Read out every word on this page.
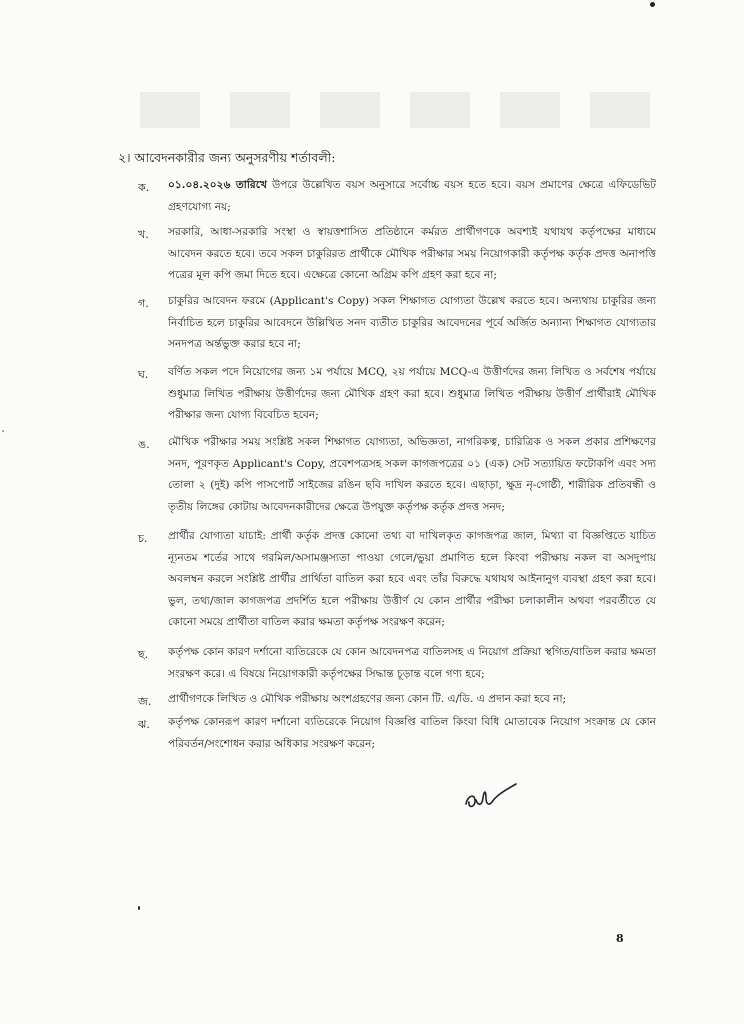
২। আবেদনকারীর জন্য অনুসরণীয় শর্তাবলী:
ক. ০১.০৪.২০২৬ তারিখে উপরে উল্লেখিত বয়স অনুসারে সর্বোচ্চ বয়স হতে হবে। বয়স প্রমাণের ক্ষেত্রে এফিডেভিট গ্রহণযোগ্য নয়;
খ. সরকারি, আধা-সরকারি সংস্থা ও স্বায়ত্তশাসিত প্রতিষ্ঠানে কর্মরত প্রার্থীগণকে অবশ্যই যথাযথ কর্তৃপক্ষের মাধ্যমে আবেদন করতে হবে। তবে সকল চাকুরিরত প্রার্থীকে মৌখিক পরীক্ষার সময় নিয়োগকারী কর্তৃপক্ষ কর্তৃক প্রদত্ত অনাপত্তি পত্রের মূল কপি জমা দিতে হবে। এক্ষেত্রে কোনো অগ্রিম কপি গ্রহণ করা হবে না;
গ. চাকুরির আবেদন ফরমে (Applicant's Copy) সকল শিক্ষাগত যোগ্যতা উল্লেখ করতে হবে। অন্যথায় চাকুরির জন্য নির্বাচিত হলে চাকুরির আবেদনে উল্লিখিত সনদ ব্যতীত চাকুরির আবেদনের পূর্বে অর্জিত অন্যান্য শিক্ষাগত যোগ্যতার সনদপত্র অর্ন্তভুক্ত করার হবে না;
ঘ. বর্ণিত সকল পদে নিয়োগের জন্য ১ম পর্যায়ে MCQ, ২য় পর্যায়ে MCQ-এ উত্তীর্ণদের জন্য লিখিত ও সর্বশেষ পর্যায়ে শুধুমাত্র লিখিত পরীক্ষায় উত্তীর্ণদের জন্য মৌখিক গ্রহণ করা হবে। শুধুমাত্র লিখিত পরীক্ষায় উত্তীর্ণ প্রার্থীরাই মৌখিক পরীক্ষার জন্য যোগ্য বিবেচিত হবেন;
ঙ. মৌখিক পরীক্ষার সময় সংশ্লিষ্ট সকল শিক্ষাগত যোগ্যতা, অভিজ্ঞতা, নাগরিকত্ব, চারিত্রিক ও সকল প্রকার প্রশিক্ষণের সনদ, পূরণকৃত Applicant's Copy, প্রবেশপত্রসহ সকল কাগজপত্রের ০১ (এক) সেট সত্যায়িত ফটোকপি এবং সদ্য তোলা ২ (দুই) কপি পাসপোর্ট সাইজের রঙিন ছবি দাখিল করতে হবে। এছাড়া, ক্ষুদ্র নৃ-গোষ্ঠী, শারীরিক প্রতিবন্ধী ও তৃতীয় লিঙ্গের কোটায় আবেদনকারীদের ক্ষেত্রে উপযুক্ত কর্তৃপক্ষ কর্তৃক প্রদত্ত সনদ;
চ. প্রার্থীর যোগ্যতা যাচাই: প্রার্থী কর্তৃক প্রদত্ত কোনো তথ্য বা দাখিলকৃত কাগজপত্র জাল, মিথ্যা বা বিজ্ঞপ্তিতে যাচিত ন্যূনতম শর্তের সাথে গরমিল/অসামঞ্জস্যতা পাওয়া গেলে/ভুয়া প্রমাণিত হলে কিংবা পরীক্ষায় নকল বা অসদুপায় অবলম্বন করলে সংশ্লিষ্ট প্রার্থীর প্রার্থিতা বাতিল করা হবে এবং তাঁর বিরুদ্ধে যথাযথ আইনানুগ ব্যবস্থা গ্রহণ করা হবে। ভুল, তথ্য/জাল কাগজপত্র প্রদর্শিত হলে পরীক্ষায় উত্তীর্ণ যে কোন প্রার্থীর পরীক্ষা চলাকালীন অথবা পরবর্তীতে যে কোনো সময়ে প্রার্থীতা বাতিল করার ক্ষমতা কর্তৃপক্ষ সংরক্ষণ করেন;
ছ. কর্তৃপক্ষ কোন কারণ দর্শানো ব্যতিরেকে যে কোন আবেদনপত্র বাতিলসহ এ নিয়োগ প্রক্রিয়া স্থগিত/বাতিল করার ক্ষমতা সংরক্ষণ করে। এ বিষয়ে নিয়োগকারী কর্তৃপক্ষের সিদ্ধান্ত চূড়ান্ত বলে গণ্য হবে;
জ. প্রার্থীগণকে লিখিত ও মৌখিক পরীক্ষায় অংশগ্রহণের জন্য কোন টি. এ/ডি. এ প্রদান করা হবে না;
ঝ. কর্তৃপক্ষ কোনরূপ কারণ দর্শানো ব্যতিরেকে নিয়োগ বিজ্ঞপ্তি বাতিল কিংবা বিধি মোতাবেক নিয়োগ সংক্রান্ত যে কোন পরিবর্তন/সংশোধন করার অধিকার সংরক্ষণ করেন;
8
